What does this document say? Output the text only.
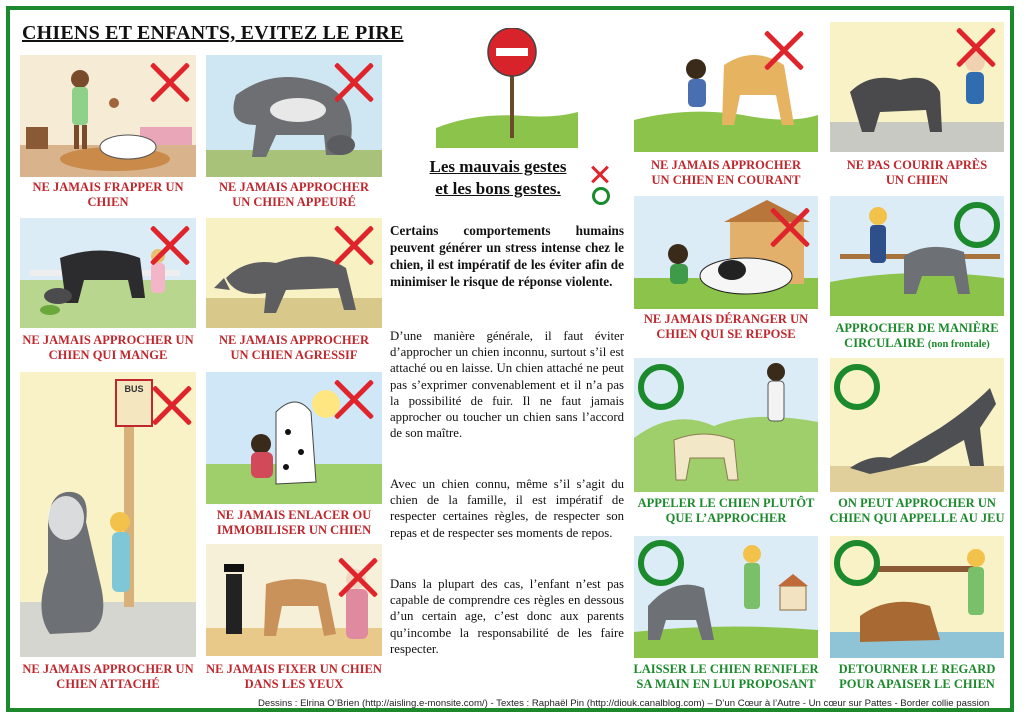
CHIENS ET ENFANTS, EVITEZ LE PIRE
NE JAMAIS FRAPPER UN
CHIEN
NE JAMAIS APPROCHER
UN CHIEN APPEURÉ
NE JAMAIS APPROCHER UN
CHIEN QUI MANGE
NE JAMAIS APPROCHER
UN CHIEN AGRESSIF
BUS
NE JAMAIS APPROCHER UN
CHIEN ATTACHÉ
NE JAMAIS ENLACER OU
IMMOBILISER UN CHIEN
NE JAMAIS FIXER UN CHIEN
DANS LES YEUX
Les mauvais gestes
et les bons gestes.
Certains comportements humains peuvent générer un stress intense chez le chien, il est impératif de les éviter afin de minimiser le risque de réponse violente.
D’une manière générale, il faut éviter d’approcher un chien inconnu, surtout s’il est attaché ou en laisse. Un chien attaché ne peut pas s’exprimer convenablement et il n’a pas la possibilité de fuir. Il ne faut jamais approcher ou toucher un chien sans l’accord de son maître.
Avec un chien connu, même s’il s’agit du chien de la famille, il est impératif de respecter certaines règles, de respecter son repas et de respecter ses moments de repos.
Dans la plupart des cas, l’enfant n’est pas capable de comprendre ces règles en dessous d’un certain age, c’est donc aux parents qu’incombe la responsabilité de les faire respecter.
NE JAMAIS APPROCHER
UN CHIEN EN COURANT
NE PAS COURIR APRÈS
UN CHIEN
NE JAMAIS DÉRANGER UN
CHIEN QUI SE REPOSE	APPROCHER DE MANIÈRE
CIRCULAIRE (non frontale)
APPELER LE CHIEN PLUTÔT
QUE L’APPROCHER
ON PEUT APPROCHER UN
CHIEN QUI APPELLE AU JEU
LAISSER LE CHIEN RENIFLER
SA MAIN EN LUI PROPOSANT
DETOURNER LE REGARD
POUR APAISER LE CHIEN
Dessins : Elrina O’Brien (http://aisling.e-monsite.com/) - Textes : Raphaël Pin (http://diouk.canalblog.com) – D’un Cœur à l’Autre - Un cœur sur Pattes - Border collie passion
